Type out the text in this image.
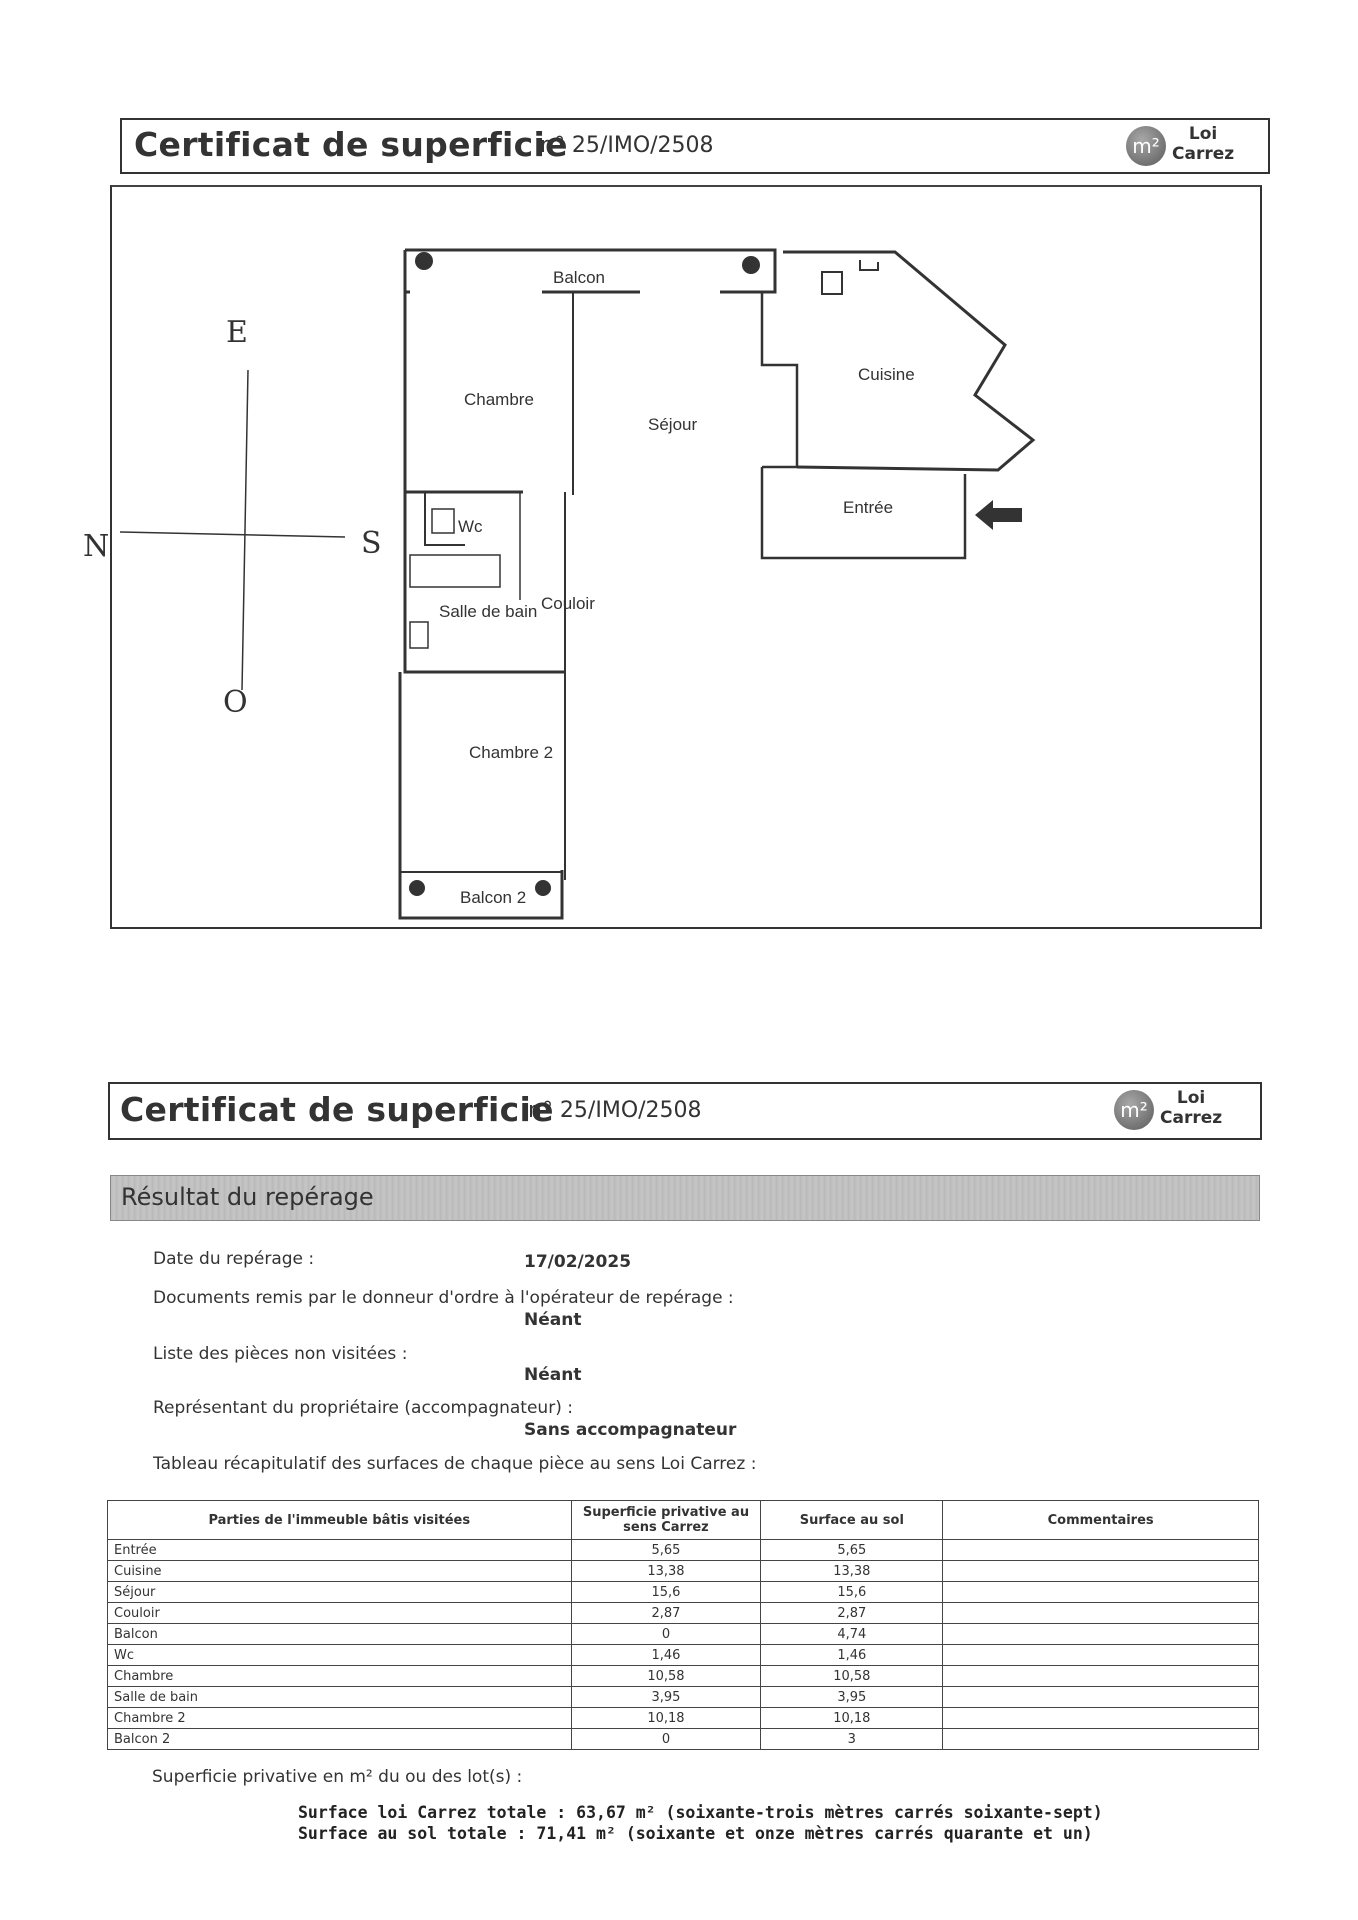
Certificat de superficie
n° 25/IMO/2508	m²	Loi
Carrez
Balcon
Chambre
Séjour
Cuisine
Entrée
Wc
Salle de bain Couloir
Chambre 2
Balcon 2
E
N	S
O
Certificat de superficie
n° 25/IMO/2508	m²	Loi
Carrez
Résultat du repérage
Date du repérage :	17/02/2025
Documents remis par le donneur d'ordre à l'opérateur de repérage :
Néant
Liste des pièces non visitées :
Néant
Représentant du propriétaire (accompagnateur) :
Sans accompagnateur
Tableau récapitulatif des surfaces de chaque pièce au sens Loi Carrez :
Parties de l'immeuble bâtis visitées	Superficie privative au sens Carrez	Surface au sol	Commentaires
Entrée	5,65	5,65	
Cuisine	13,38	13,38	
Séjour	15,6	15,6	
Couloir	2,87	2,87	
Balcon	0	4,74	
Wc	1,46	1,46	
Chambre	10,58	10,58	
Salle de bain	3,95	3,95	
Chambre 2	10,18	10,18	
Balcon 2	0	3	
Superficie privative en m² du ou des lot(s) :
Surface loi Carrez totale : 63,67 m² (soixante-trois mètres carrés soixante-sept)
Surface au sol totale : 71,41 m² (soixante et onze mètres carrés quarante et un)
